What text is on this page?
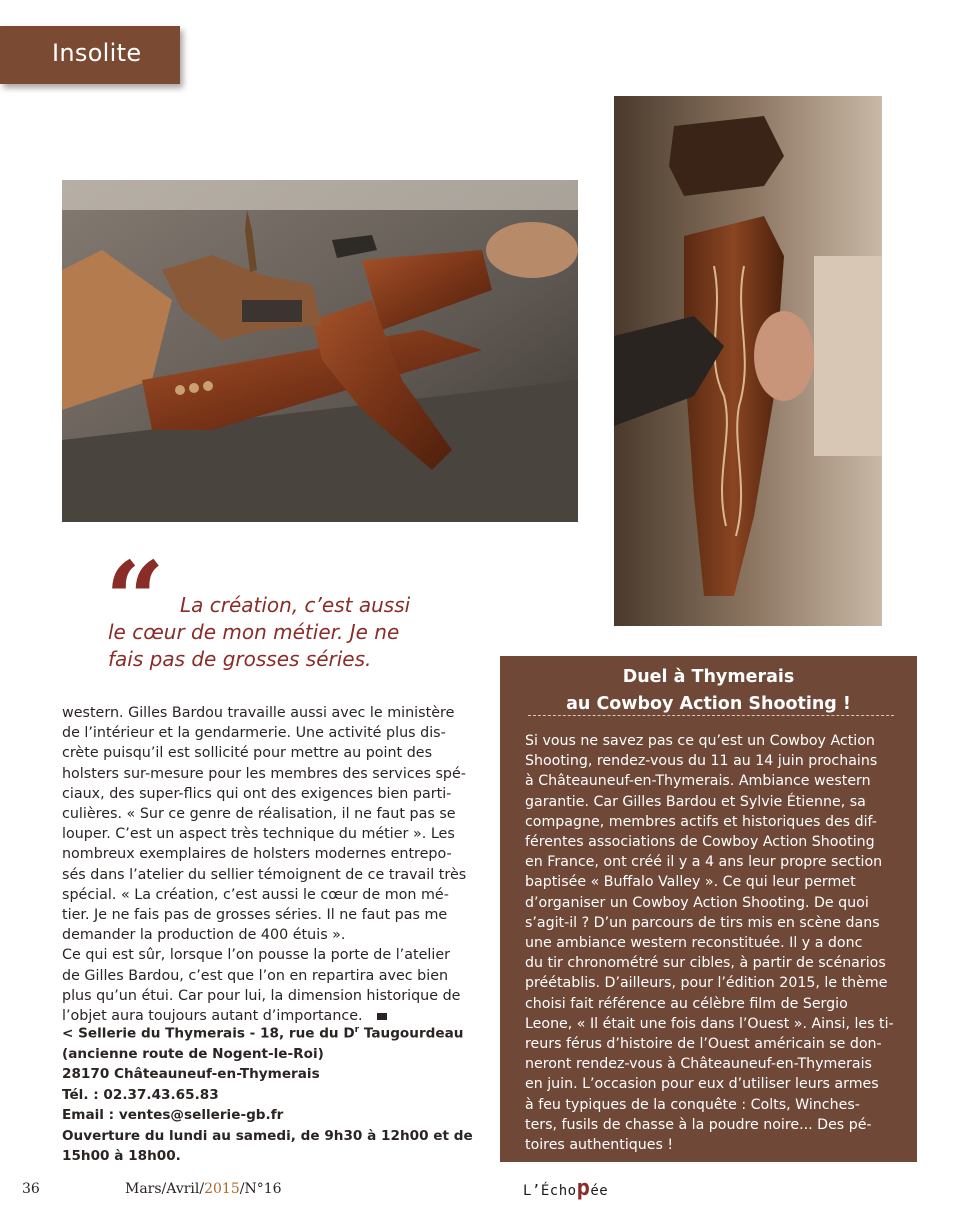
Insolite
“ La création, c’est aussi
le cœur de mon métier. Je ne
fais pas de grosses séries.
western. Gilles Bardou travaille aussi avec le ministère
de l’intérieur et la gendarmerie. Une activité plus dis-
crète puisqu’il est sollicité pour mettre au point des
holsters sur-mesure pour les membres des services spé-
ciaux, des super-flics qui ont des exigences bien parti-
culières. « Sur ce genre de réalisation, il ne faut pas se
louper. C’est un aspect très technique du métier ». Les
nombreux exemplaires de holsters modernes entrepo-
sés dans l’atelier du sellier témoignent de ce travail très
spécial. « La création, c’est aussi le cœur de mon mé-
tier. Je ne fais pas de grosses séries. Il ne faut pas me
demander la production de 400 étuis ».
Ce qui est sûr, lorsque l’on pousse la porte de l’atelier
de Gilles Bardou, c’est que l’on en repartira avec bien
plus qu’un étui. Car pour lui, la dimension historique de
l’objet aura toujours autant d’importance.
< Sellerie du Thymerais - 18, rue du $D^r$ Taugourdeau
(ancienne route de Nogent-le-Roi)
28170 Châteauneuf-en-Thymerais
Tél. : 02.37.43.65.83
Email : ventes@sellerie-gb.fr
Ouverture du lundi au samedi, de 9h30 à 12h00 et de
15h00 à 18h00.
Duel à Thymerais
au Cowboy Action Shooting !
Si vous ne savez pas ce qu’est un Cowboy Action
Shooting, rendez-vous du 11 au 14 juin prochains
à Châteauneuf-en-Thymerais. Ambiance western
garantie. Car Gilles Bardou et Sylvie Étienne, sa
compagne, membres actifs et historiques des dif-
férentes associations de Cowboy Action Shooting
en France, ont créé il y a 4 ans leur propre section
baptisée « Buffalo Valley ». Ce qui leur permet
d’organiser un Cowboy Action Shooting. De quoi
s’agit-il ? D’un parcours de tirs mis en scène dans
une ambiance western reconstituée. Il y a donc
du tir chronométré sur cibles, à partir de scénarios
préétablis. D’ailleurs, pour l’édition 2015, le thème
choisi fait référence au célèbre film de Sergio
Leone, « Il était une fois dans l’Ouest ». Ainsi, les ti-
reurs férus d’histoire de l’Ouest américain se don-
neront rendez-vous à Châteauneuf-en-Thymerais
en juin. L’occasion pour eux d’utiliser leurs armes
à feu typiques de la conquête : Colts, Winches-
ters, fusils de chasse à la poudre noire... Des pé-
toires authentiques !
36	Mars/Avril/2015/N°16	L’Échopée
